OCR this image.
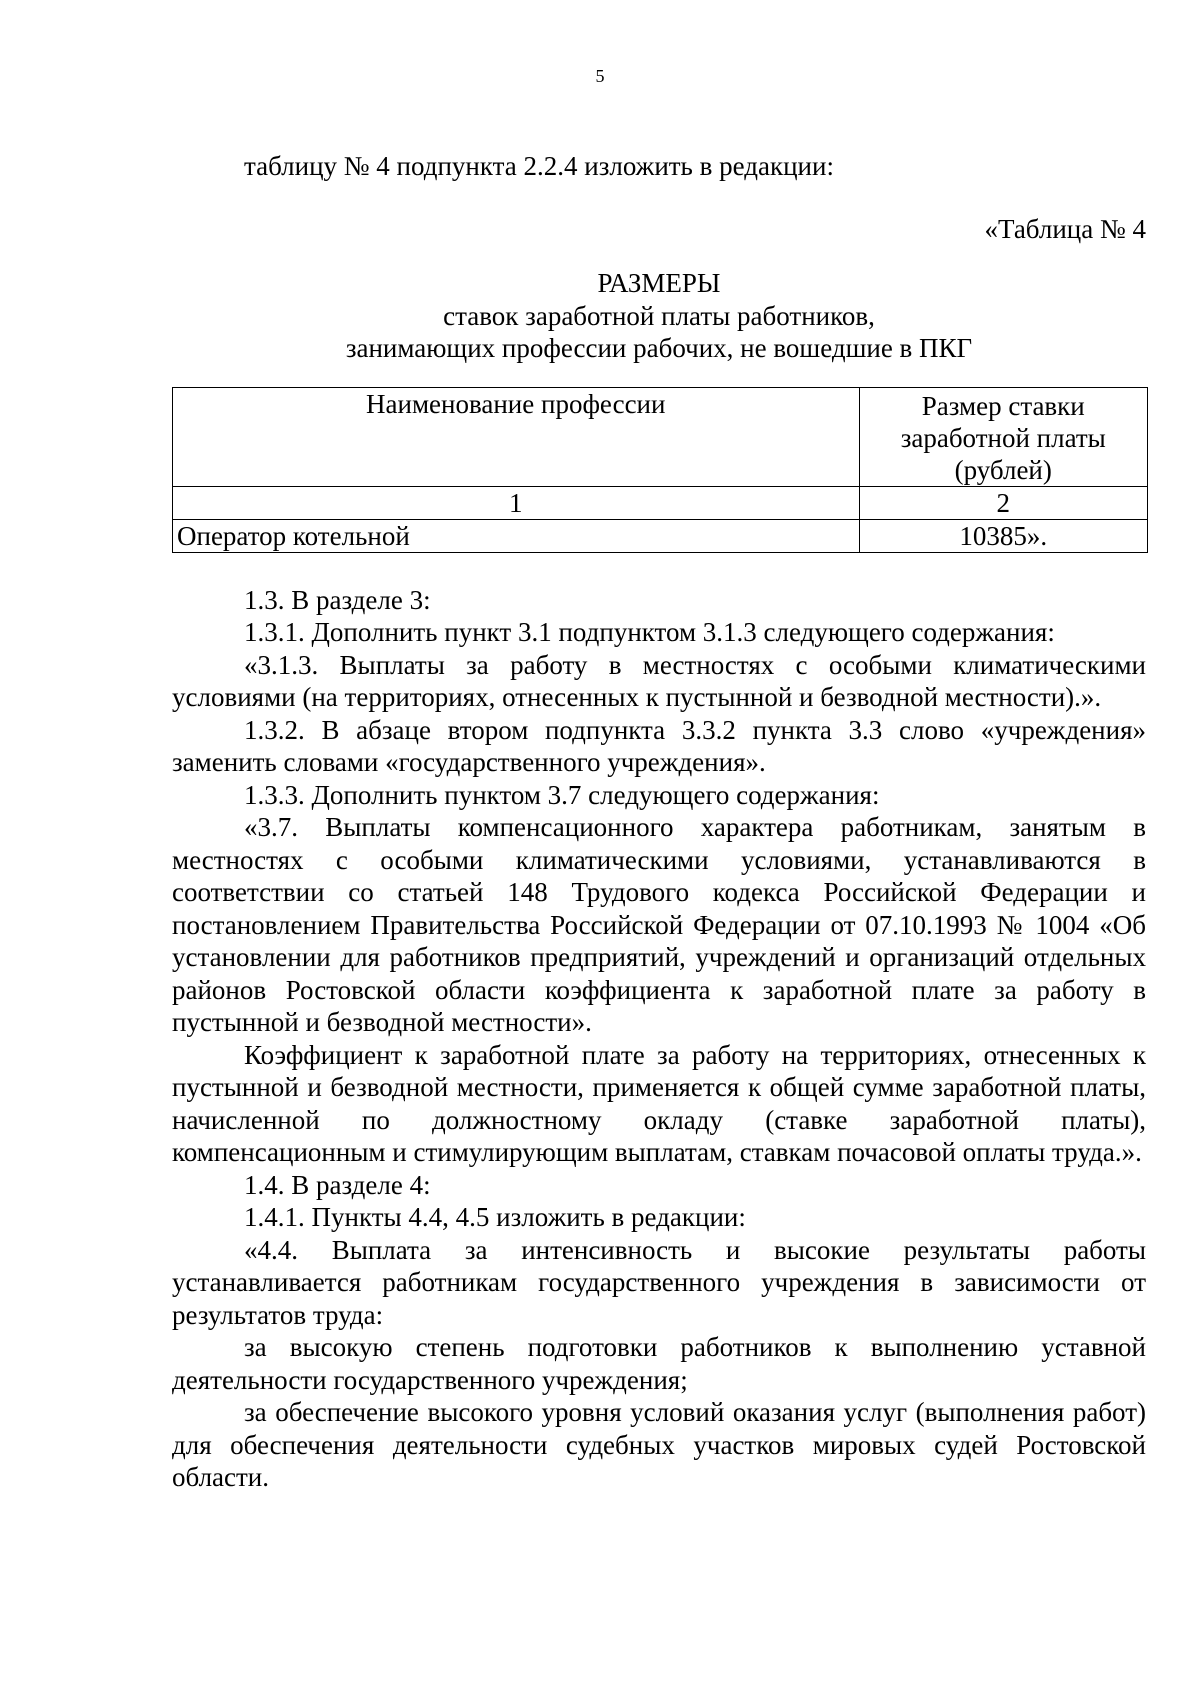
5

таблицу № 4 подпункта 2.2.4 изложить в редакции:

«Таблица № 4

РАЗМЕРЫ
ставок заработной платы работников,
занимающих профессии рабочих, не вошедшие в ПКГ
Наименование профессии	Размер ставки заработной платы (рублей)
1	2
Оператор котельной	10385».

1.3. В разделе 3:

1.3.1. Дополнить пункт 3.1 подпунктом 3.1.3 следующего содержания:

«3.1.3. Выплаты за работу в местностях с особыми климатическими условиями (на территориях, отнесенных к пустынной и безводной местности).».

1.3.2. В абзаце втором подпункта 3.3.2 пункта 3.3 слово «учреждения» заменить словами «государственного учреждения».

1.3.3. Дополнить пунктом 3.7 следующего содержания:

«3.7. Выплаты компенсационного характера работникам, занятым в местностях с особыми климатическими условиями, устанавливаются в соответствии со статьей 148 Трудового кодекса Российской Федерации и постановлением Правительства Российской Федерации от 07.10.1993 № 1004 «Об установлении для работников предприятий, учреждений и организаций отдельных районов Ростовской области коэффициента к заработной плате за работу в пустынной и безводной местности».

Коэффициент к заработной плате за работу на территориях, отнесенных к пустынной и безводной местности, применяется к общей сумме заработной платы, начисленной по должностному окладу (ставке заработной платы), компенсационным и стимулирующим выплатам, ставкам почасовой оплаты труда.».

1.4. В разделе 4:

1.4.1. Пункты 4.4, 4.5 изложить в редакции:

«4.4. Выплата за интенсивность и высокие результаты работы устанавливается работникам государственного учреждения в зависимости от результатов труда:

за высокую степень подготовки работников к выполнению уставной деятельности государственного учреждения;

за обеспечение высокого уровня условий оказания услуг (выполнения работ) для обеспечения деятельности судебных участков мировых судей Ростовской области.
